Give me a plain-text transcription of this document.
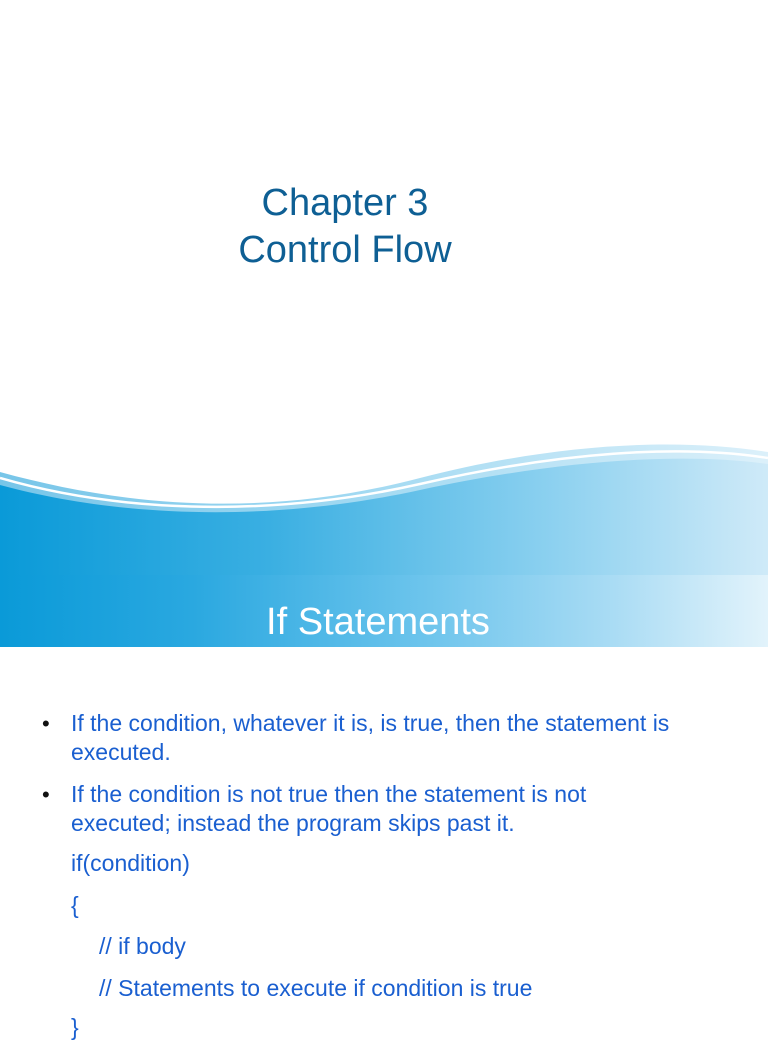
Chapter 3
Control Flow
If Statements
• If the condition, whatever it is, is true, then the statement is
executed.
• If the condition is not true then the statement is not
executed; instead the program skips past it.
if(condition)
{
// if body
// Statements to execute if condition is true
}
